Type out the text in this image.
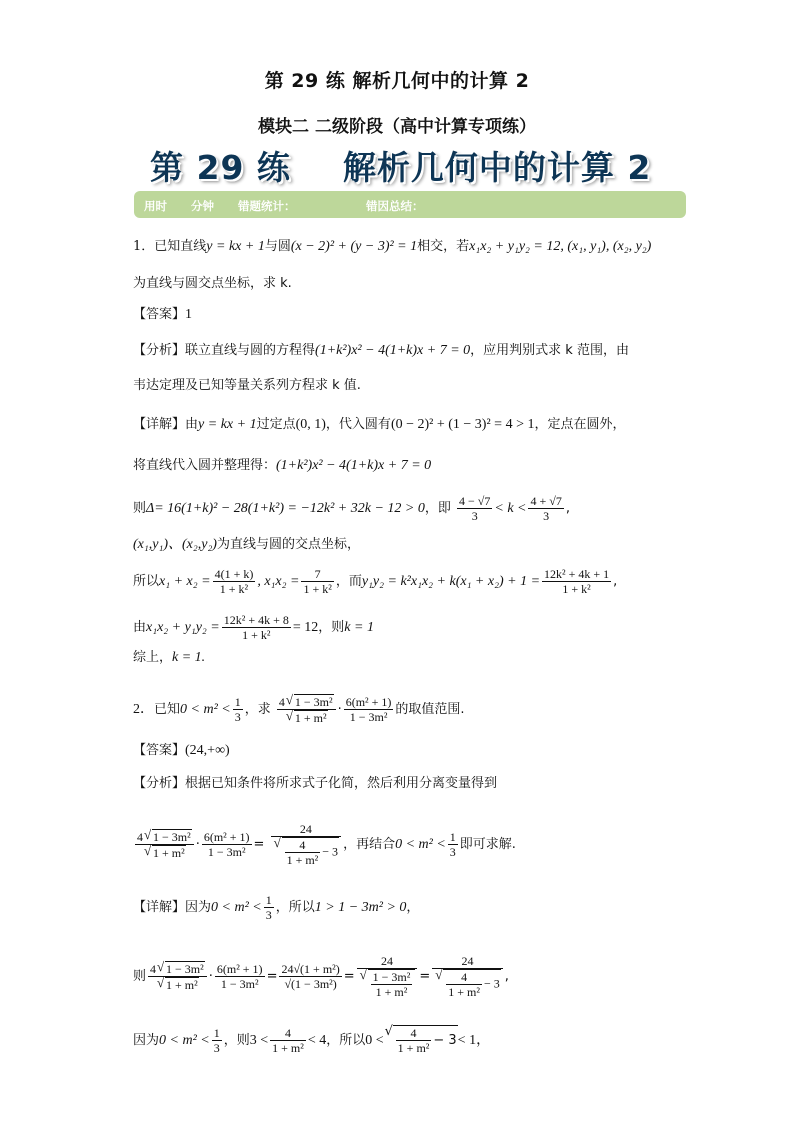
第 29 练 解析几何中的计算 2
模块二 二级阶段（高中计算专项练）
第 29 练 解析几何中的计算 2
用时 分钟 错题统计：	错因总结：
1．已知直线y = kx + 1与圆(x − 2)² + (y − 3)² = 1相交，若x₁x₂ + y₁y₂ = 12, (x₁, y₁), (x₂, y₂)
为直线与圆交点坐标，求 k.
【答案】1
【分析】联立直线与圆的方程得(1+k²)x² − 4(1+k)x + 7 = 0，应用判别式求 k 范围，由
韦达定理及已知等量关系列方程求 k 值.
【详解】由y = kx + 1过定点(0, 1)，代入圆有(0 − 2)² + (1 − 3)² = 4 > 1，定点在圆外，
将直线代入圆并整理得：(1+k²)x² − 4(1+k)x + 7 = 0
则Δ= 16(1+k)² − 28(1+k²) = −12k² + 32k − 12 > 0，即 $\frac{4 - √7}{3} < k < \frac{4 + √7}{3}$ ,
(x₁,y₁)、(x₂,y₂)为直线与圆的交点坐标，
所以$x_1 + x_2 = \frac{4(1 + k)}{\text{1 + k²}}$ , $x_1x_2 = \frac{7}{\text{1 + k²}}$ ，而$y_1y_2 = k^2x_1x_2 + k(x_1 + x_2) + 1 = \frac{\text{12k² + 4k + 1}}{\text{1 + k²}}$ ,
由$x_1x_2 + y_1y_2 = \frac{\text{12k² + 4k + 8}}{\text{1 + k²}} = 12$，则k = 1
综上，k = 1.
2．已知$0 < m^2 < \frac{1}{3}$ ，求 4 √ 1 − 3m²
√ $1 + m^2 \cdot \frac{\text{6(m² + 1)}}{\text{1 − 3m²}}$ 的取值范围.
【答案】(24,+∞)
【分析】根据已知条件将所求式子化简，然后利用分离变量得到
4 √ 1 − 3m²
√ $1 + m^2 \cdot \frac{\text{6(m² + 1)}}{\text{1 − 3m²}} = 24$
√ $\frac{4}{\text{1 + m²}} - 3$ ，再结合$0 < m^2 < \frac{1}{3}$ 即可求解.
【详解】因为$0 < m^2 < \frac{1}{3}$ ，所以1 > 1 − 3m² > 0，
则 4 √ 1 − 3m²
√ $1 + m^2 \cdot \frac{\text{6(m² + 1)}}{\text{1 − 3m²}} = \frac{\text{24√(1 + m²)}}{\text{√(1 − 3m²)}} = 24$
√ $\frac{\text{1 − 3m²}}{\text{1 + m²}} = 24$
√ $\frac{4}{\text{1 + m²}} - 3$ ,
因为$0 < m^2 < \frac{1}{3}$ ，则$3 < \frac{4}{\text{1 + m²}} < 4$，所以0 < √ $\frac{4}{\text{1 + m²}} - 3< 1$，
